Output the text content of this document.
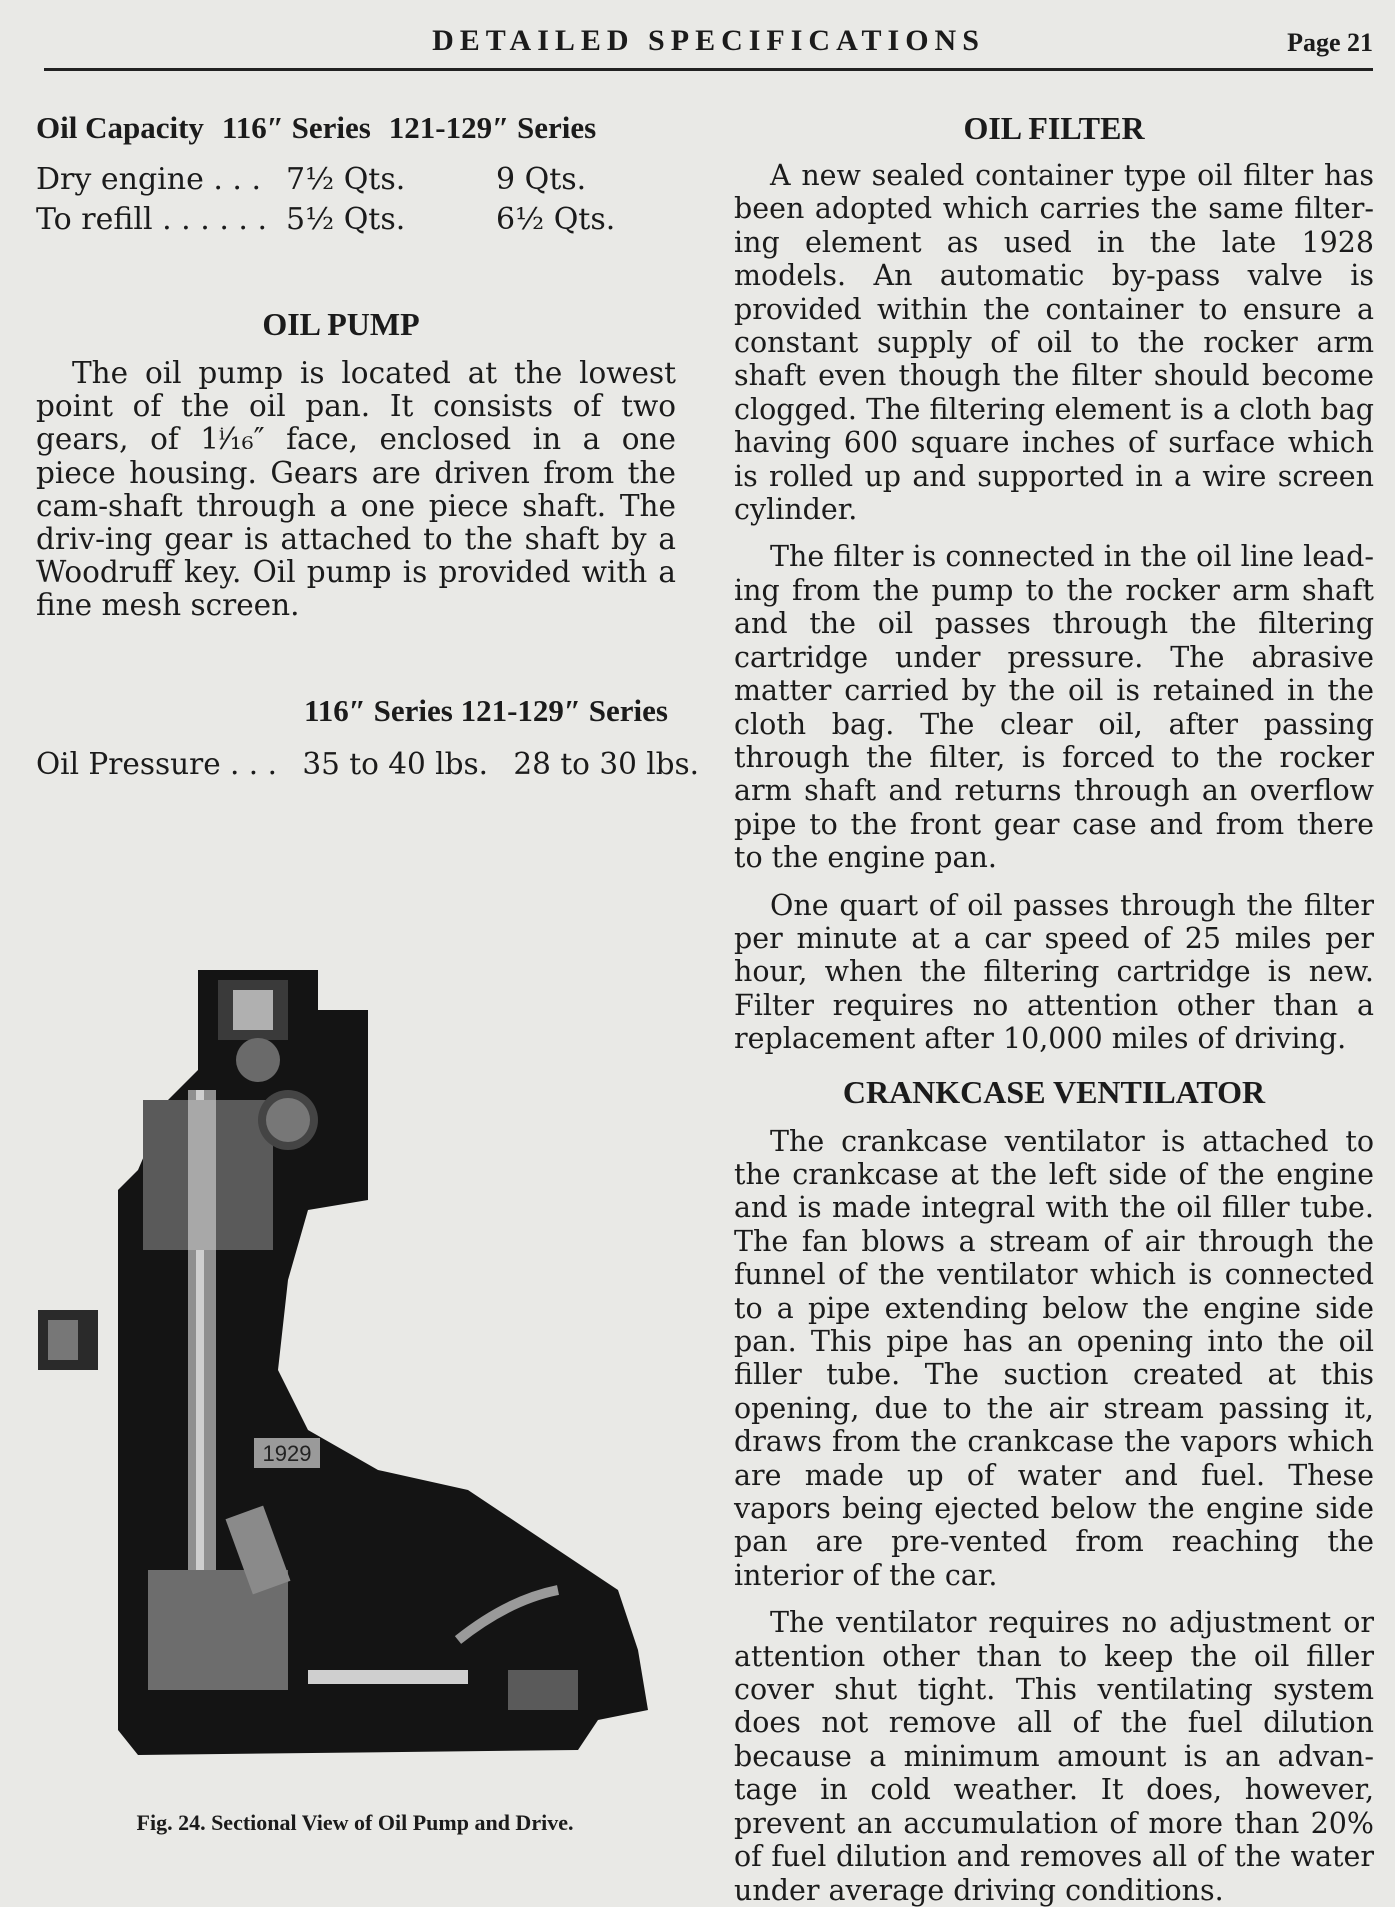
DETAILED SPECIFICATIONS	Page 21
Oil Capacity 116″ Series 121-129″ Series
Dry engine . . . 7½ Qts.	9 Qts.
To refill . . . . . . 5½ Qts.	6½ Qts.
OIL PUMP

The oil pump is located at the lowest point of the oil pan. It consists of two gears, of 1ⁱ⁄₁₆″ face, enclosed in a one piece housing. Gears are driven from the cam-shaft through a one piece shaft. The driv-ing gear is attached to the shaft by a Woodruff key. Oil pump is provided with a fine mesh screen.

116″ Series 121-129″ Series
Oil Pressure . . . 35 to 40 lbs. 28 to 30 lbs.
1929
Fig. 24. Sectional View of Oil Pump and Drive.
OIL FILTER

A new sealed container type oil filter has been adopted which carries the same filter-ing element as used in the late 1928 models. An automatic by-pass valve is provided within the container to ensure a constant supply of oil to the rocker arm shaft even though the filter should become clogged. The filtering element is a cloth bag having 600 square inches of surface which is rolled up and supported in a wire screen cylinder.

The filter is connected in the oil line lead-ing from the pump to the rocker arm shaft and the oil passes through the filtering cartridge under pressure. The abrasive matter carried by the oil is retained in the cloth bag. The clear oil, after passing through the filter, is forced to the rocker arm shaft and returns through an overflow pipe to the front gear case and from there to the engine pan.

One quart of oil passes through the filter per minute at a car speed of 25 miles per hour, when the filtering cartridge is new. Filter requires no attention other than a replacement after 10,000 miles of driving.

CRANKCASE VENTILATOR

The crankcase ventilator is attached to the crankcase at the left side of the engine and is made integral with the oil filler tube. The fan blows a stream of air through the funnel of the ventilator which is connected to a pipe extending below the engine side pan. This pipe has an opening into the oil filler tube. The suction created at this opening, due to the air stream passing it, draws from the crankcase the vapors which are made up of water and fuel. These vapors being ejected below the engine side pan are pre-vented from reaching the interior of the car.

The ventilator requires no adjustment or attention other than to keep the oil filler cover shut tight. This ventilating system does not remove all of the fuel dilution because a minimum amount is an advan-tage in cold weather. It does, however, prevent an accumulation of more than 20% of fuel dilution and removes all of the water under average driving conditions.
